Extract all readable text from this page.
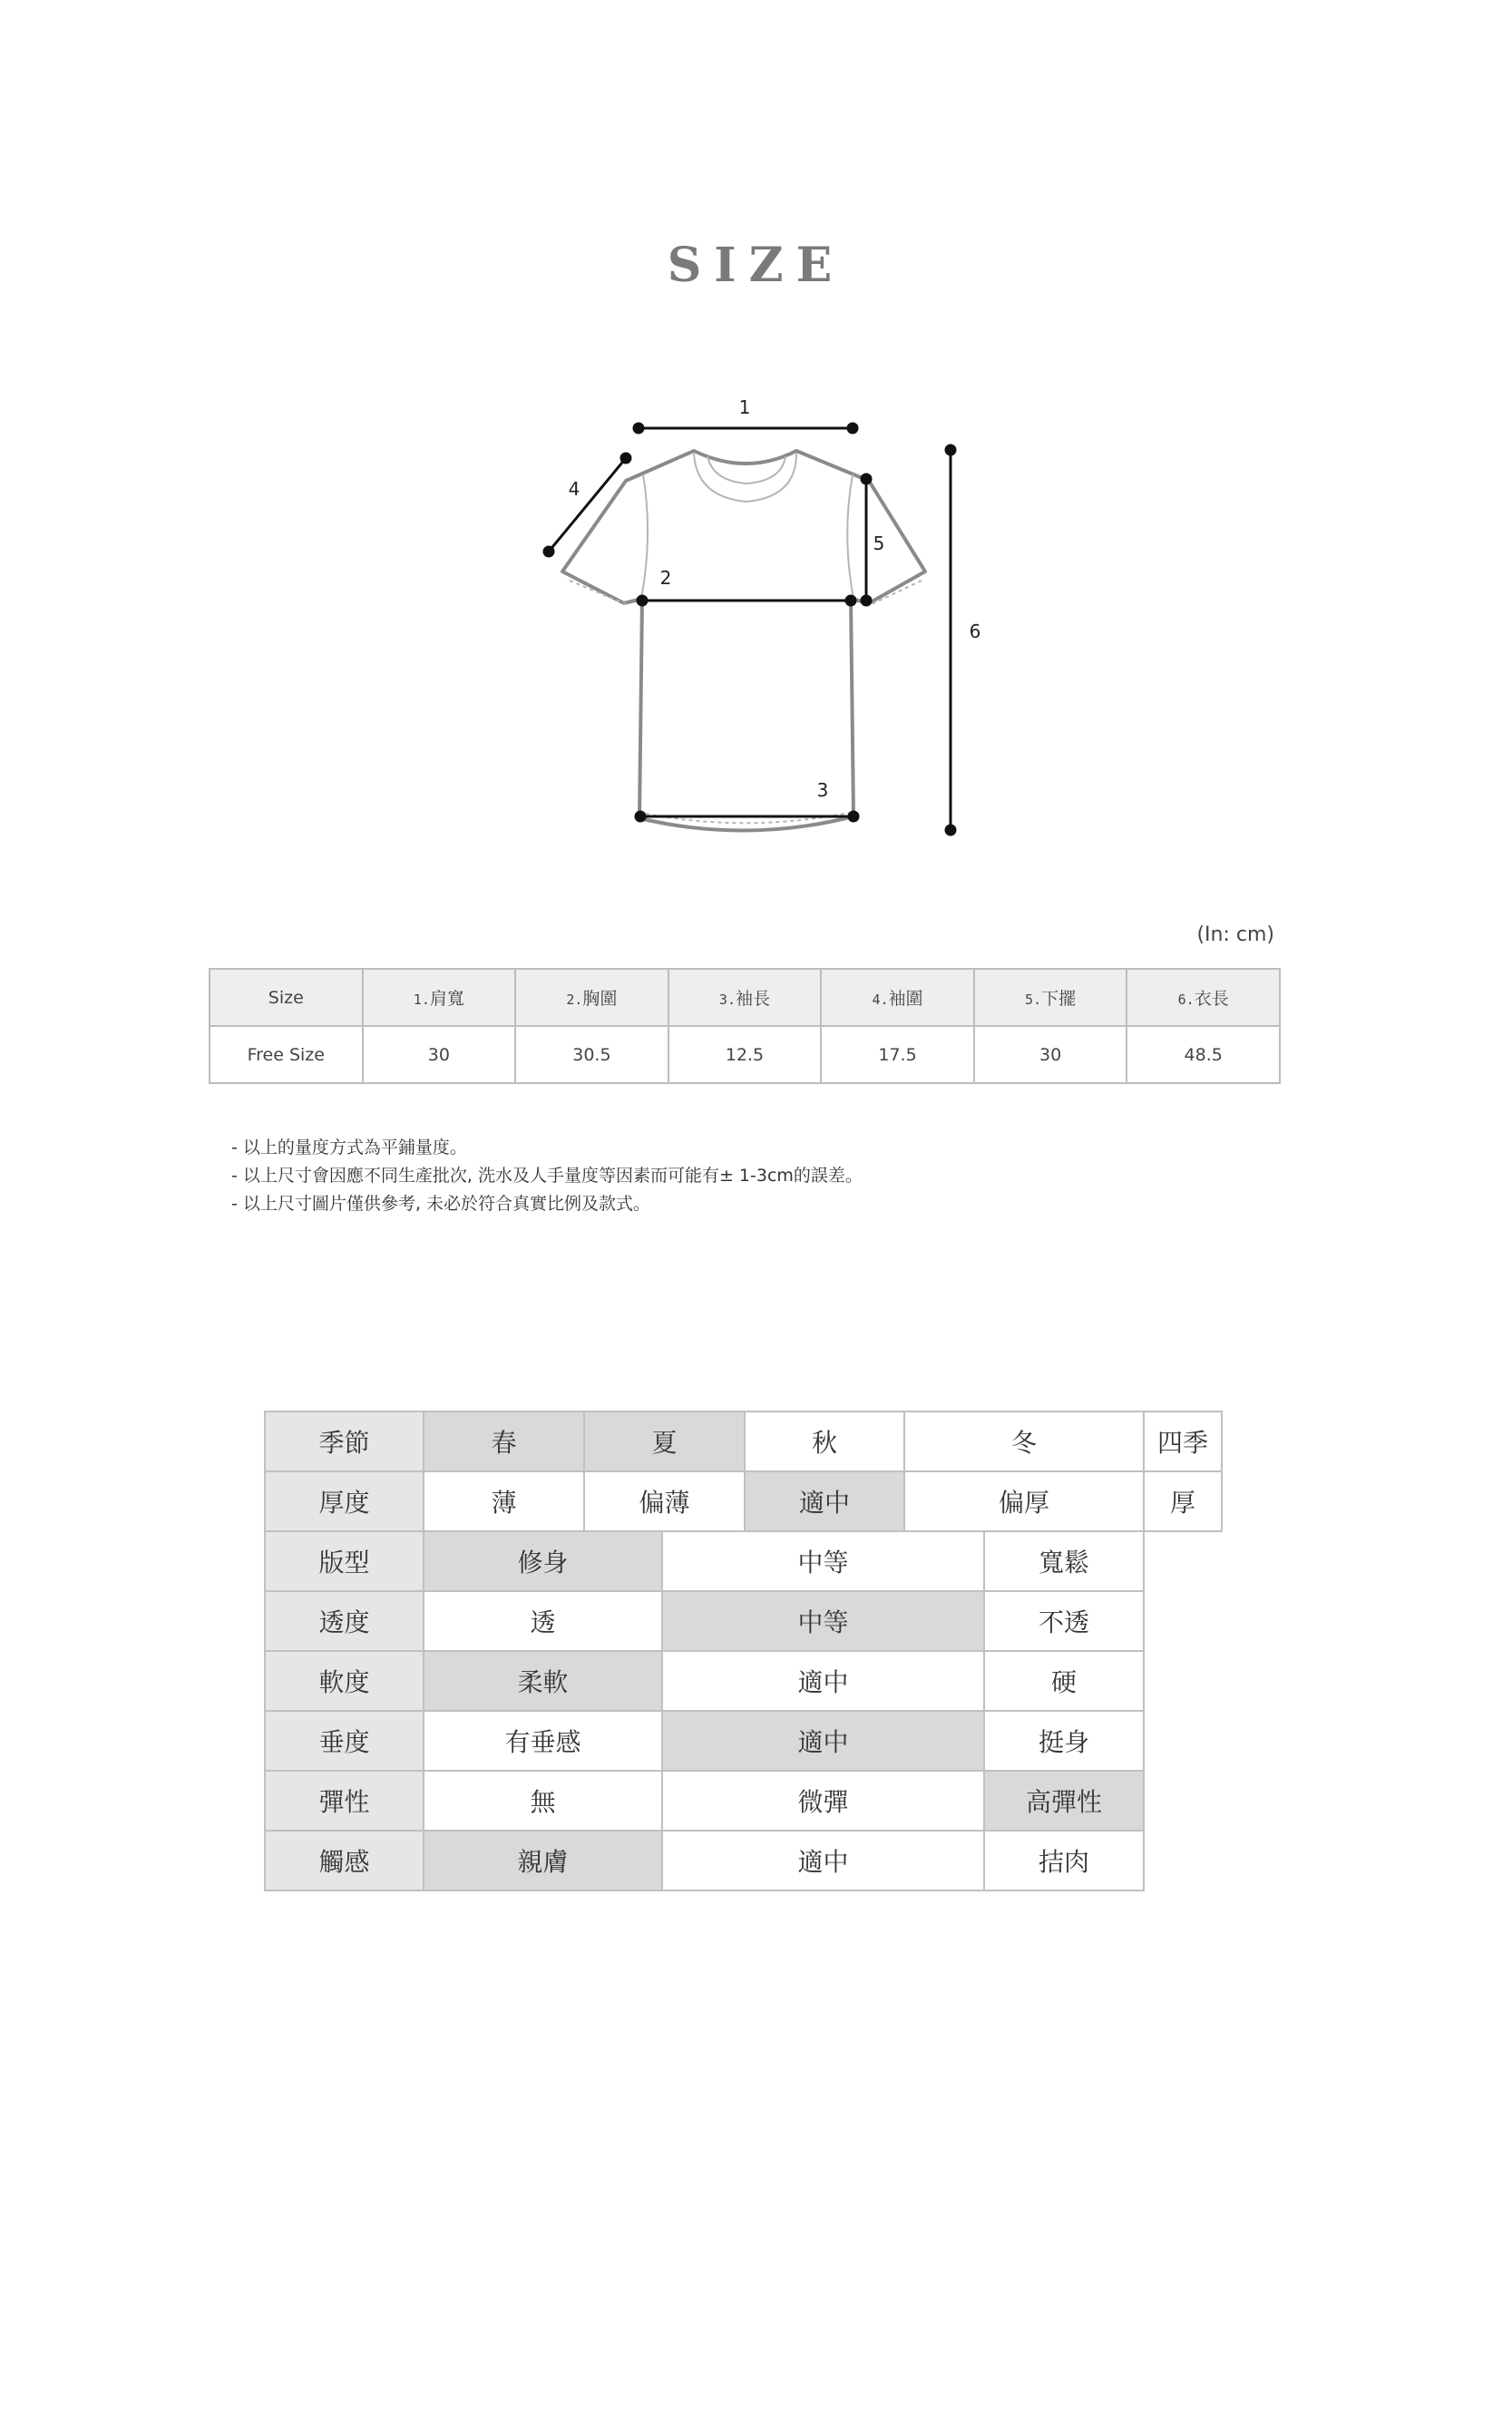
SIZE
1
2
3
4
5
6
(In: cm)
Size	1.肩寬	2.胸圍	3.袖長	4.袖圍	5.下擺	6.衣長
Free Size	30	30.5	12.5	17.5	30	48.5
- 以上的量度方式為平鋪量度。
- 以上尺寸會因應不同生產批次, 洗水及人手量度等因素而可能有± 1-3cm的誤差。
- 以上尺寸圖片僅供參考, 未必於符合真實比例及款式。
季節	春	夏		秋	冬		四季
厚度	薄	偏薄		適中	偏厚		厚
版型	修身		中等			寬鬆	
透度	透		中等			不透	
軟度	柔軟		適中			硬	
垂度	有垂感		適中			挺身	
彈性	無		微彈			高彈性	
觸感	親膚		適中			拮肉	
